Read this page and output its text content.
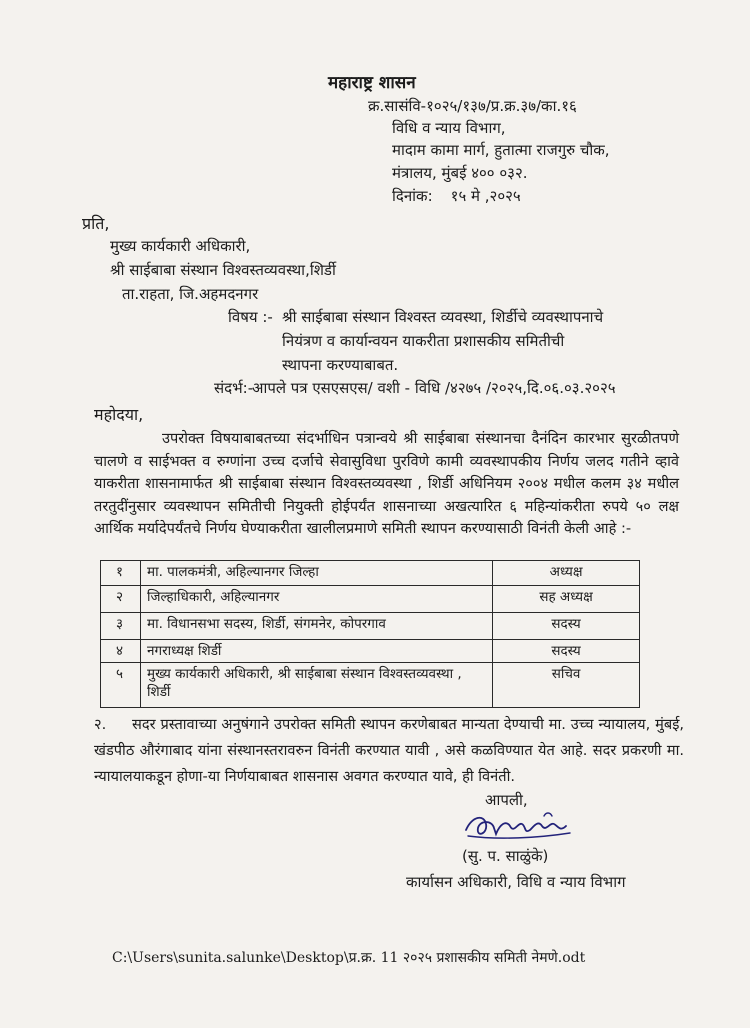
महाराष्ट्र शासन
क्र.सासंवि-१०२५/१३७/प्र.क्र.३७/का.१६
विधि व न्याय विभाग,
मादाम कामा मार्ग, हुतात्मा राजगुरु चौक,
मंत्रालय, मुंबई ४०० ०३२.
दिनांक: १५ मे ,२०२५
प्रति,
मुख्य कार्यकारी अधिकारी,
श्री साईबाबा संस्थान विश्वस्तव्यवस्था,शिर्डी
ता.राहता, जि.अहमदनगर
विषय :- श्री साईबाबा संस्थान विश्वस्त व्यवस्था, शिर्डीचे व्यवस्थापनाचे
नियंत्रण व कार्यान्वयन याकरीता प्रशासकीय समितीची
स्थापना करण्याबाबत.
संदर्भ:-
आपले पत्र एसएसएस/ वशी - विधि /४२७५ /२०२५,दि.०६.०३.२०२५
महोदया,
उपरोक्त विषयाबाबतच्या संदर्भाधिन पत्रान्वये श्री साईबाबा संस्थानचा दैनंदिन कारभार सुरळीतपणे चालणे व साईभक्त व रुग्णांना उच्च दर्जाचे सेवासुविधा पुरविणे कामी व्यवस्थापकीय निर्णय जलद गतीने व्हावे याकरीता शासनामार्फत श्री साईबाबा संस्थान विश्वस्तव्यवस्था , शिर्डी अधिनियम २००४ मधील कलम ३४ मधील तरतुदींनुसार व्यवस्थापन समितीची नियुक्ती होईपर्यंत शासनाच्या अखत्यारित ६ महिन्यांकरीता रुपये ५० लक्ष आर्थिक मर्यादेपर्यंतचे निर्णय घेण्याकरीता खालीलप्रमाणे समिती स्थापन करण्यासाठी विनंती केली आहे :-
१	मा. पालकमंत्री, अहिल्यानगर जिल्हा	अध्यक्ष
२	जिल्हाधिकारी, अहिल्यानगर	सह अध्यक्ष
३	मा. विधानसभा सदस्य, शिर्डी, संगमनेर, कोपरगाव	सदस्य
४	नगराध्यक्ष शिर्डी	सदस्य
५	मुख्य कार्यकारी अधिकारी, श्री साईबाबा संस्थान विश्वस्तव्यवस्था , शिर्डी	सचिव
२. सदर प्रस्तावाच्या अनुषंगाने उपरोक्त समिती स्थापन करणेबाबत मान्यता देण्याची मा. उच्च न्यायालय, मुंबई, खंडपीठ औरंगाबाद यांना संस्थानस्तरावरुन विनंती करण्यात यावी , असे कळविण्यात येत आहे. सदर प्रकरणी मा. न्यायालयाकडून होणा-या निर्णयाबाबत शासनास अवगत करण्यात यावे, ही विनंती.
आपली,
(सु. प. साळुंके)
कार्यासन अधिकारी, विधि व न्याय विभाग
C:\Users\sunita.salunke\Desktop\प्र.क्र. 11 २०२५ प्रशासकीय समिती नेमणे.odt
